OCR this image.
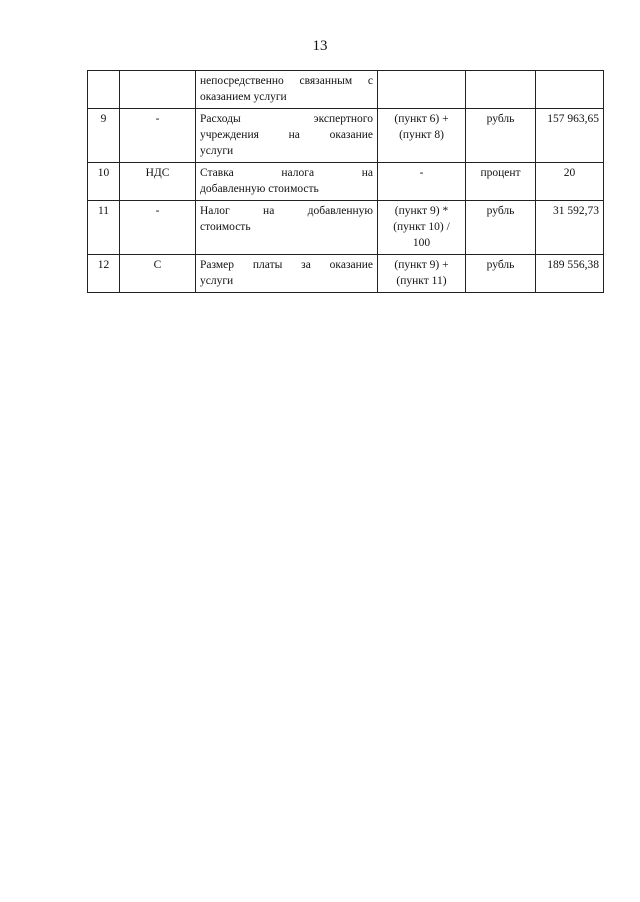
13

		непосредственно связанным с
оказанием услуги			

9	-	Расходы экспертного
учреждения на оказание
услуги	(пункт 6) +
(пункт 8)	рубль	157 963,65
10	НДС	Ставка налога на
добавленную стоимость	-	процент	20
11	-	Налог на добавленную
стоимость	(пункт 9) *
(пункт 10) /
100	рубль	31 592,73
12	С	Размер платы за оказание
услуги	(пункт 9) +
(пункт 11)	рубль	189 556,38
